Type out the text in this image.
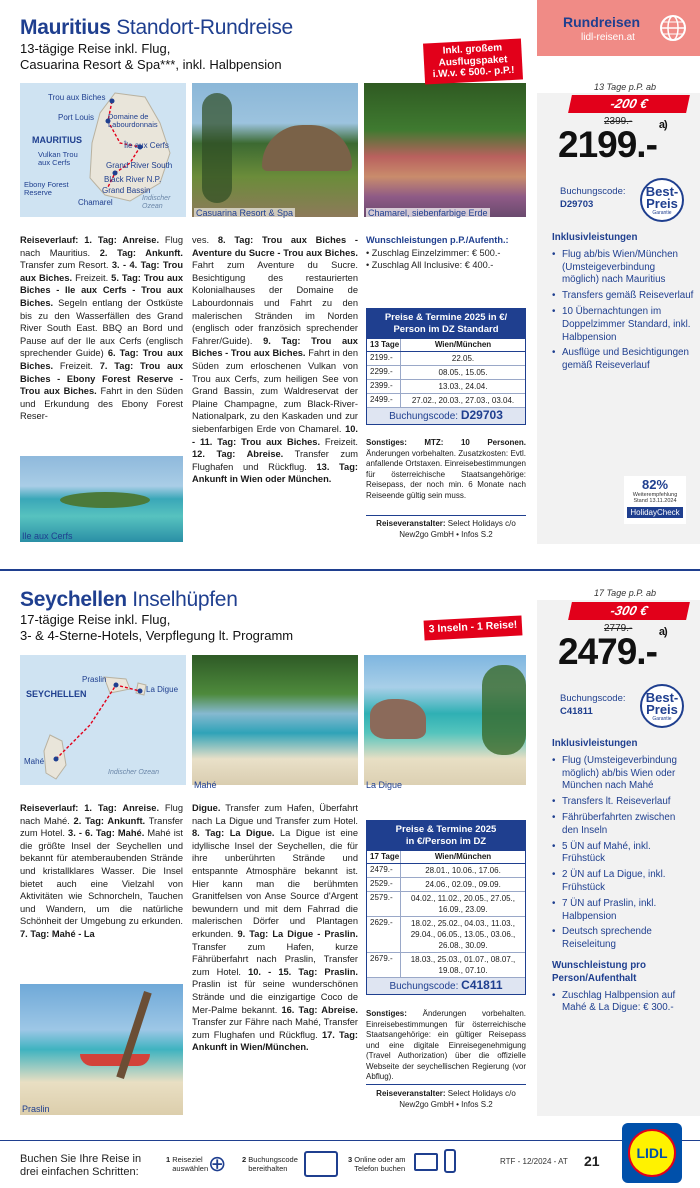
Rundreisen
lidl-reisen.at
Mauritius Standort-Rundreise
13-tägige Reise inkl. Flug,
Casuarina Resort & Spa***, inkl. Halbpension
Trou aux Biches
Port Louis Domaine de Labourdonnais
MAURITIUS
Île aux Cerfs
Vulkan Trou aux Cerfs	Grand River South
Ebony Forest Reserve
Black River N.P.
Grand Bassin
Chamarel	Indischer Ozean
Casuarina Resort & Spa	Chamarel, siebenfarbige Erde
Inkl. großem
Ausflugspaket
i.W.v. € 500.- p.P.!
Reiseverlauf: 1. Tag: Anreise. Flug nach Mauritius. 2. Tag: Ankunft. Transfer zum Resort. 3. - 4. Tag: Trou aux Biches. Freizeit. 5. Tag: Trou aux Biches - Ile aux Cerfs - Trou aux Biches. Segeln entlang der Ostküste bis zu den Wasserfällen des Grand River South East. BBQ an Bord und Pause auf der Ile aux Cerfs (englisch sprechender Guide) 6. Tag: Trou aux Biches. Freizeit. 7. Tag: Trou aux Biches - Ebony Forest Reserve - Trou aux Biches. Fahrt in den Süden und Erkundung des Ebony Forest Reser-
ves. 8. Tag: Trou aux Biches - Aventure du Sucre - Trou aux Biches. Fahrt zum Aventure du Sucre. Besichtigung des restaurierten Kolonialhauses der Domaine de Labourdonnais und Fahrt zu den malerischen Stränden im Norden (englisch oder französich sprechender Fahrer/Guide). 9. Tag: Trou aux Biches - Trou aux Biches. Fahrt in den Süden zum erloschenen Vulkan von Trou aux Cerfs, zum heiligen See von Grand Bassin, zum Waldreservat der Plaine Champagne, zum Black-River-Nationalpark, zu den Kaskaden und zur siebenfarbigen Erde von Chamarel. 10. - 11. Tag: Trou aux Biches. Freizeit. 12. Tag: Abreise. Transfer zum Flughafen und Rückflug. 13. Tag: Ankunft in Wien oder München.
Ile aux Cerfs
Wunschleistungen p.P./Aufenth.:
• Zuschlag Einzelzimmer: € 500.-
• Zuschlag All Inclusive: € 400.-
Preise & Termine 2025 in €/
Person im DZ Standard
13 Tage	Wien/München
2199.-	22.05.
2299.-	08.05., 15.05.
2399.-	13.03., 24.04.
2499.-	27.02., 20.03., 27.03., 03.04.
Buchungscode: D29703
Sonstiges: MTZ: 10 Personen. Änderungen vorbehalten. Zusatzkosten: Evtl. anfallende Ortstaxen. Einreisebestimmungen für österreichische Staatsangehörige: Reisepass, der noch min. 6 Monate nach Reiseende gültig sein muss.
Reiseveranstalter: Select Holidays c/o New2go GmbH • Infos S.2
13 Tage p.P. ab
-200 €
2399.-
2199.- $^{a)}$
Buchungscode:
D29703
Best-
Preis
Garantie
Inklusivleistungen
• Flug ab/bis Wien/München (Umsteigeverbindung möglich) nach Mauritius
• Transfers gemäß Reiseverlauf
• 10 Übernachtungen im Doppelzimmer Standard, inkl. Halbpension
• Ausflüge und Besichtigungen gemäß Reiseverlauf
82%
Weiterempfehlung Stand 13.11.2024
HolidayCheck
Seychellen Inselhüpfen
17-tägige Reise inkl. Flug,
3- & 4-Sterne-Hotels, Verpflegung lt. Programm
Praslin
La Digue
SEYCHELLEN
Mahé
Indischer Ozean
Mahé	La Digue
3 Inseln - 1 Reise!
Reiseverlauf: 1. Tag: Anreise. Flug nach Mahé. 2. Tag: Ankunft. Transfer zum Hotel. 3. - 6. Tag: Mahé. Mahé ist die größte Insel der Seychellen und bekannt für atemberaubenden Strände und kristallklares Wasser. Die Insel bietet auch eine Vielzahl von Aktivitäten wie Schnorcheln, Tauchen und Wandern, um die natürliche Schönheit der Umgebung zu erkunden. 7. Tag: Mahé - La
Digue. Transfer zum Hafen, Überfahrt nach La Digue und Transfer zum Hotel. 8. Tag: La Digue. La Digue ist eine idyllische Insel der Seychellen, die für ihre unberührten Strände und entspannte Atmosphäre bekannt ist. Hier kann man die berühmten Granitfelsen von Anse Source d'Argent bewundern und mit dem Fahrrad die malerischen Dörfer und Plantagen erkunden. 9. Tag: La Digue - Praslin. Transfer zum Hafen, kurze Fährüberfahrt nach Praslin, Transfer zum Hotel. 10. - 15. Tag: Praslin. Praslin ist für seine wunderschönen Strände und die einzigartige Coco de Mer-Palme bekannt. 16. Tag: Abreise. Transfer zur Fähre nach Mahé, Transfer zum Flughafen und Rückflug. 17. Tag: Ankunft in Wien/München.
Praslin
Preise & Termine 2025
in €/Person im DZ
17 Tage	Wien/München
2479.-	28.01., 10.06., 17.06.
2529.-	24.06., 02.09., 09.09.
2579.-	04.02., 11.02., 20.05., 27.05., 16.09., 23.09.
2629.-	18.02., 25.02., 04.03., 11.03., 29.04., 06.05., 13.05., 03.06., 26.08., 30.09.
2679.-	18.03., 25.03., 01.07., 08.07., 19.08., 07.10.
Buchungscode: C41811
Sonstiges: Änderungen vorbehalten. Einreisebestimmungen für österreichische Staatsangehörige: ein gültiger Reisepass und eine digitale Einreisegenehmigung (Travel Authorization) über die offizielle Webseite der seychellischen Regierung (vor Abflug).
Reiseveranstalter: Select Holidays c/o New2go GmbH • Infos S.2
17 Tage p.P. ab
-300 €
2779.-
2479.- $^{a)}$
Buchungscode:
C41811
Best-
Preis
Garantie
Inklusivleistungen
• Flug (Umsteigeverbindung möglich) ab/bis Wien oder München nach Mahé
• Transfers lt. Reiseverlauf
• Fährüberfahrten zwischen den Inseln
• 5 ÜN auf Mahé, inkl. Frühstück
• 2 ÜN auf La Digue, inkl. Frühstück
• 7 ÜN auf Praslin, inkl. Halbpension
• Deutsch sprechende Reiseleitung
Wunschleistung pro Person/Aufenthalt
• Zuschlag Halbpension auf Mahé & La Digue: € 300.-
Buchen Sie Ihre Reise in drei einfachen Schritten:	⊕
1 Reiseziel auswählen
2 Buchungscode bereithalten
3 Online oder am Telefon buchen
RTF - 12/2024 - AT 21	LIDL
